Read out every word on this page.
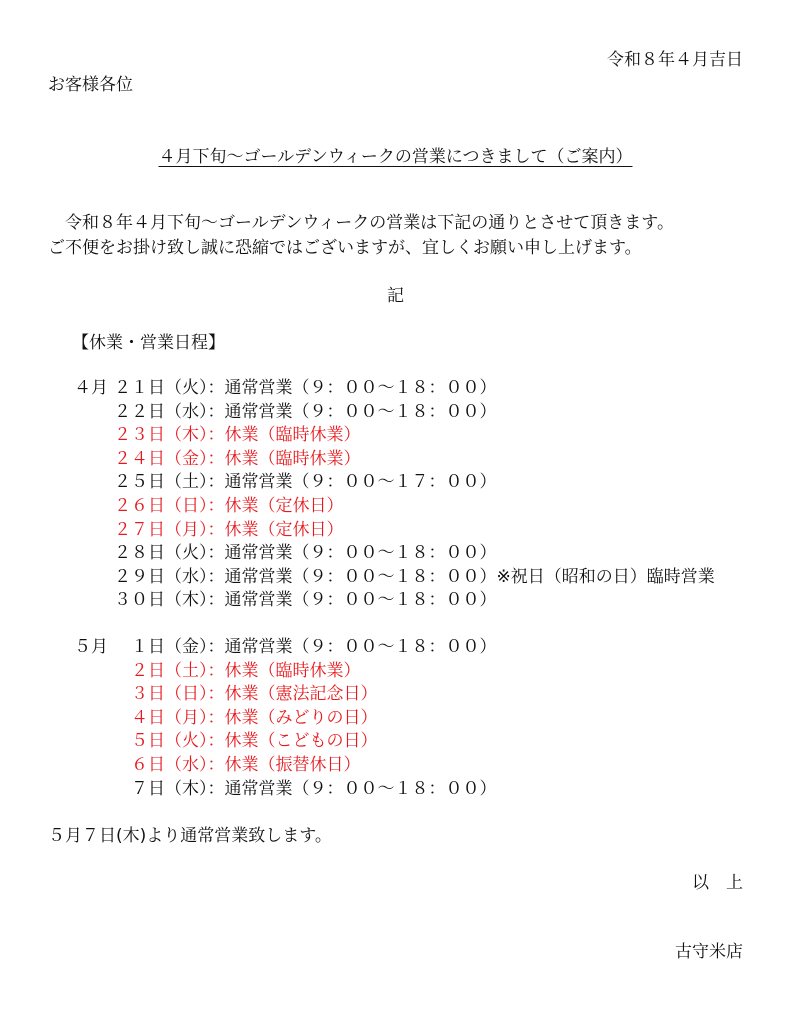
令和８年４月吉日
お客様各位
４月下旬～ゴールデンウィークの営業につきまして（ご案内）
　令和８年４月下旬～ゴールデンウィークの営業は下記の通りとさせて頂きます。
ご不便をお掛け致し誠に恐縮ではございますが、宜しくお願い申し上げます。
記
【休業・営業日程】
４月 ２１日（火）： 通常営業（９：００～１８：００）
２２日（水）： 通常営業（９：００～１８：００）
２３日（木）： 休業（臨時休業）
２４日（金）： 休業（臨時休業）
２５日（土）： 通常営業（９：００～１７：００）
２６日（日）： 休業（定休日）
２７日（月）： 休業（定休日）
２８日（火）： 通常営業（９：００～１８：００）
２９日（水）： 通常営業（９：００～１８：００）※祝日（昭和の日）臨時営業
３０日（木）： 通常営業（９：００～１８：００）
５月 　１日（金）： 通常営業（９：００～１８：００）
　２日（土）： 休業（臨時休業）
　３日（日）： 休業（憲法記念日）
　４日（月）： 休業（みどりの日）
　５日（火）： 休業（こどもの日）
　６日（水）： 休業（振替休日）
　７日（木）： 通常営業（９：００～１８：００）
５月７日(木)より通常営業致します。
以　上
古守米店
